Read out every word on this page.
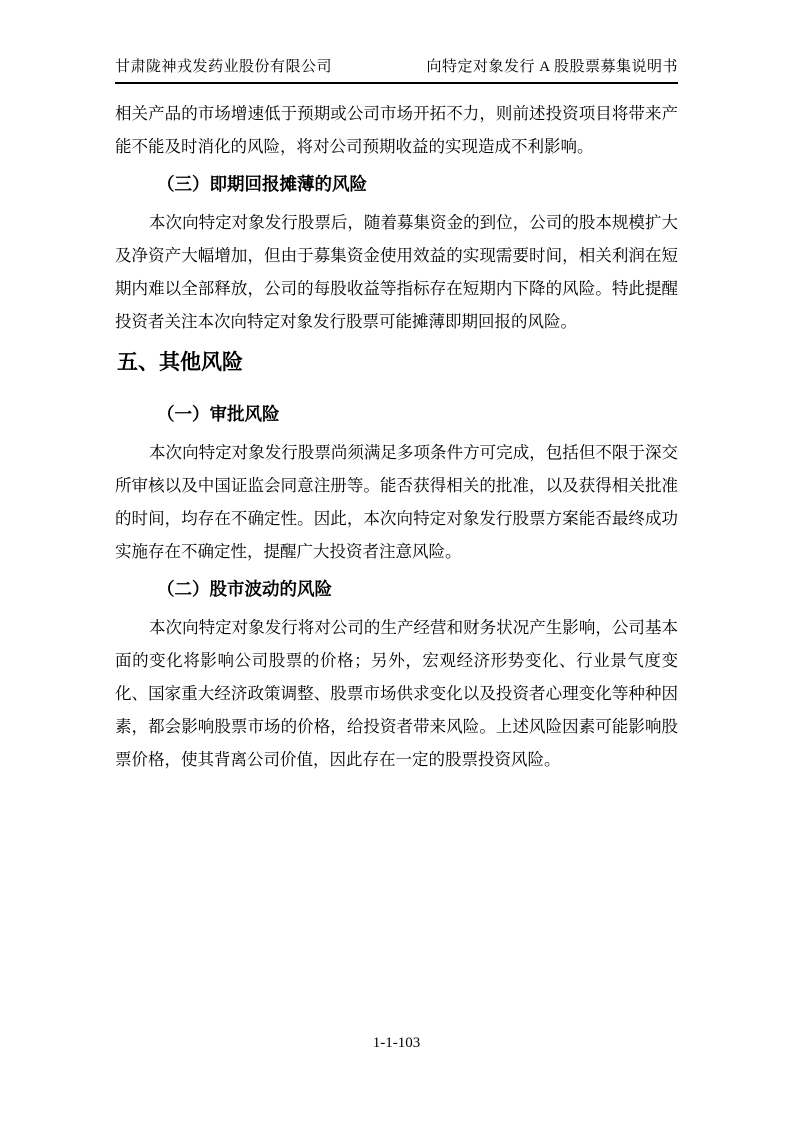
甘肃陇神戎发药业股份有限公司	向特定对象发行 A 股股票募集说明书

相关产品的市场增速低于预期或公司市场开拓不力，则前述投资项目将带来产能不能及时消化的风险，将对公司预期收益的实现造成不利影响。

（三）即期回报摊薄的风险

本次向特定对象发行股票后，随着募集资金的到位，公司的股本规模扩大及净资产大幅增加，但由于募集资金使用效益的实现需要时间，相关利润在短期内难以全部释放，公司的每股收益等指标存在短期内下降的风险。特此提醒投资者关注本次向特定对象发行股票可能摊薄即期回报的风险。

五、其他风险
（一）审批风险

本次向特定对象发行股票尚须满足多项条件方可完成，包括但不限于深交所审核以及中国证监会同意注册等。能否获得相关的批准，以及获得相关批准的时间，均存在不确定性。因此，本次向特定对象发行股票方案能否最终成功实施存在不确定性，提醒广大投资者注意风险。

（二）股市波动的风险

本次向特定对象发行将对公司的生产经营和财务状况产生影响，公司基本面的变化将影响公司股票的价格；另外，宏观经济形势变化、行业景气度变化、国家重大经济政策调整、股票市场供求变化以及投资者心理变化等种种因素，都会影响股票市场的价格，给投资者带来风险。上述风险因素可能影响股票价格，使其背离公司价值，因此存在一定的股票投资风险。

1-1-103
